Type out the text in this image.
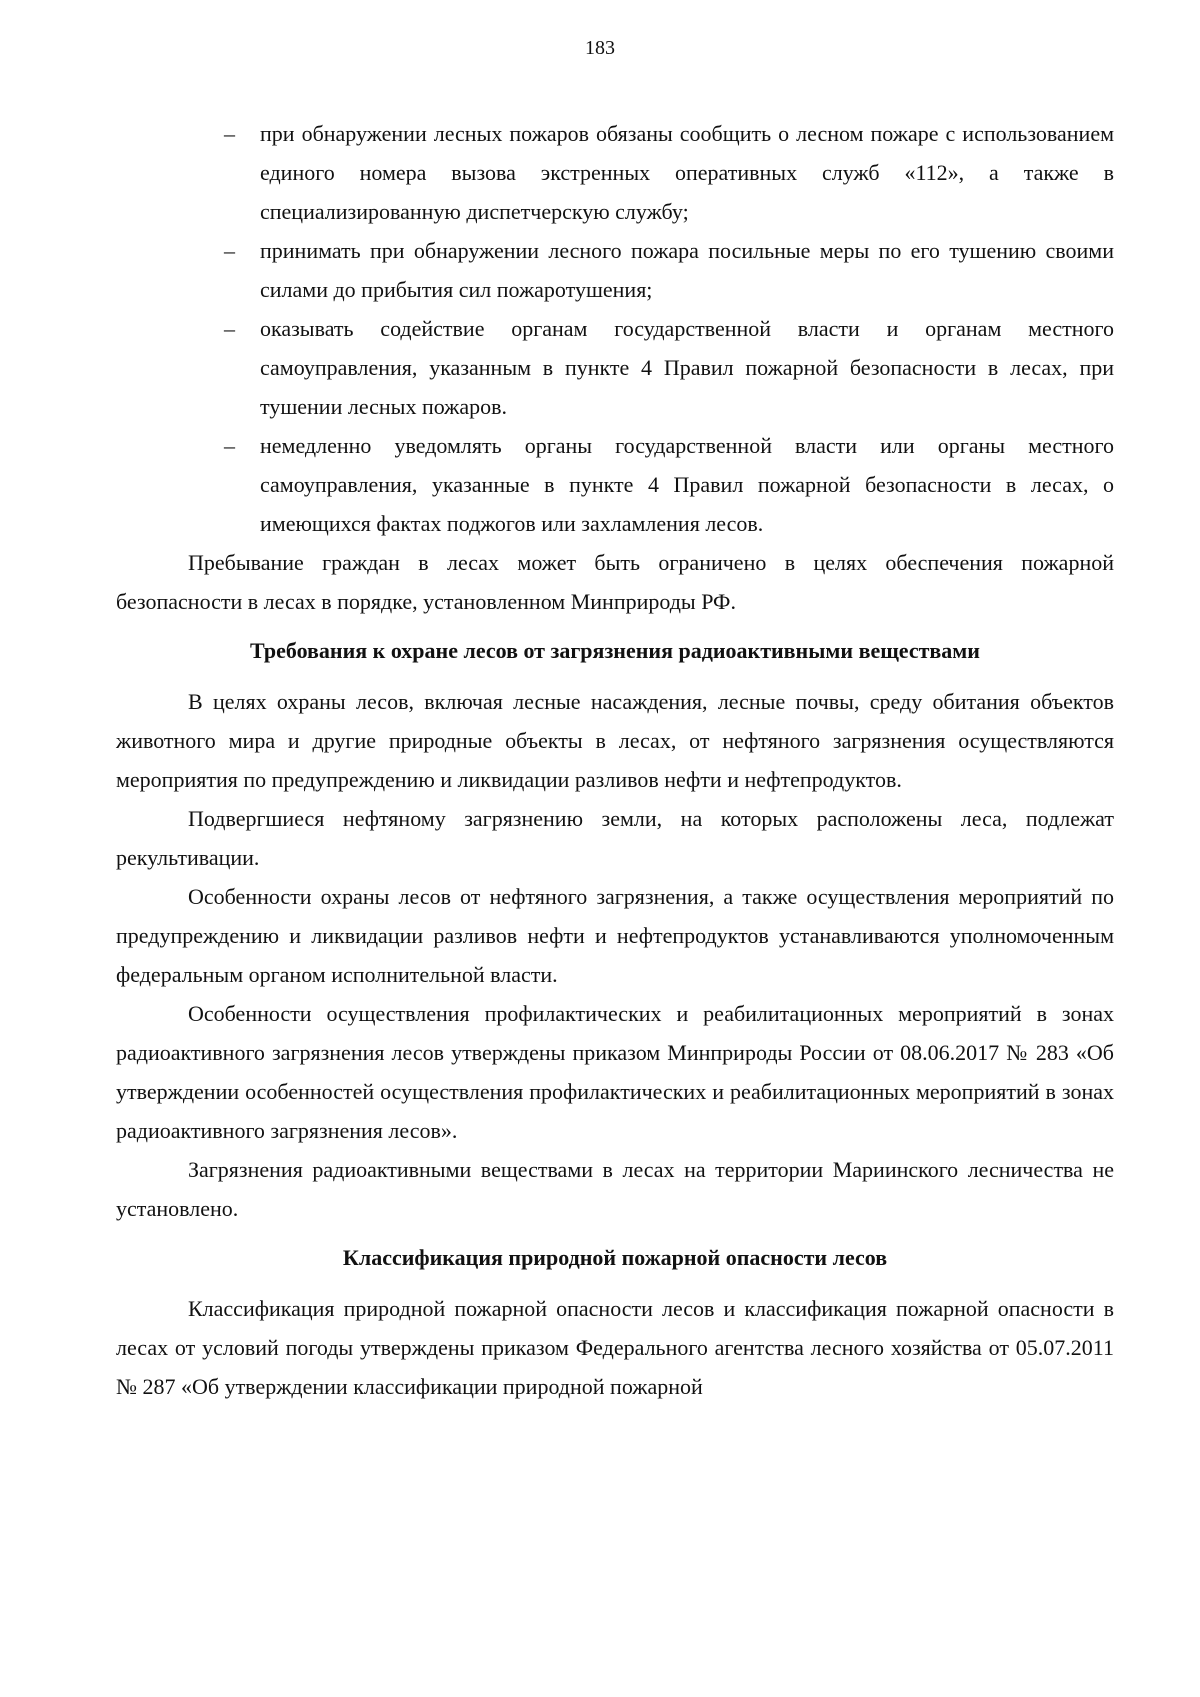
183
– при обнаружении лесных пожаров обязаны сообщить о лесном пожаре с использованием единого номера вызова экстренных оперативных служб «112», а также в специализированную диспетчерскую службу;
– принимать при обнаружении лесного пожара посильные меры по его тушению своими силами до прибытия сил пожаротушения;
– оказывать содействие органам государственной власти и органам местного самоуправления, указанным в пункте 4 Правил пожарной безопасности в лесах, при тушении лесных пожаров.
– немедленно уведомлять органы государственной власти или органы местного самоуправления, указанные в пункте 4 Правил пожарной безопасности в лесах, о имеющихся фактах поджогов или захламления лесов.

Пребывание граждан в лесах может быть ограничено в целях обеспечения пожарной безопасности в лесах в порядке, установленном Минприроды РФ.

Требования к охране лесов от загрязнения радиоактивными веществами

В целях охраны лесов, включая лесные насаждения, лесные почвы, среду обитания объектов животного мира и другие природные объекты в лесах, от нефтяного загрязнения осуществляются мероприятия по предупреждению и ликвидации разливов нефти и нефтепродуктов.

Подвергшиеся нефтяному загрязнению земли, на которых расположены леса, подлежат рекультивации.

Особенности охраны лесов от нефтяного загрязнения, а также осуществления мероприятий по предупреждению и ликвидации разливов нефти и нефтепродуктов устанавливаются уполномоченным федеральным органом исполнительной власти.

Особенности осуществления профилактических и реабилитационных мероприятий в зонах радиоактивного загрязнения лесов утверждены приказом Минприроды России от 08.06.2017 № 283 «Об утверждении особенностей осуществления профилактических и реабилитационных мероприятий в зонах радиоактивного загрязнения лесов».

Загрязнения радиоактивными веществами в лесах на территории Мариинского лесничества не установлено.

Классификация природной пожарной опасности лесов

Классификация природной пожарной опасности лесов и классификация пожарной опасности в лесах от условий погоды утверждены приказом Федерального агентства лесного хозяйства от 05.07.2011 № 287 «Об утверждении классификации природной пожарной
